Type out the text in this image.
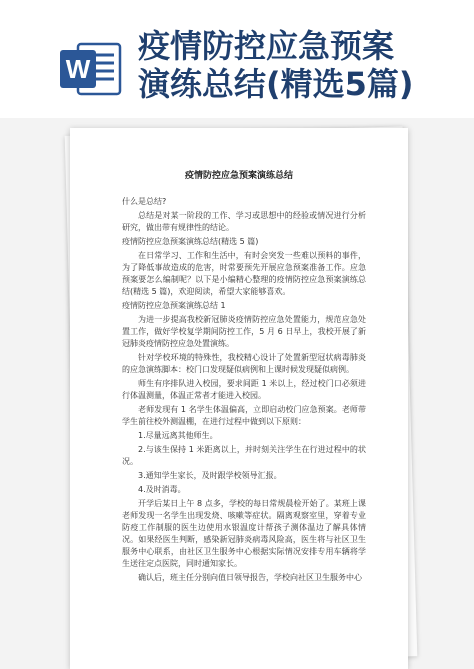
W
疫情防控应急预案
演练总结(精选5篇)
疫情防控应急预案演练总结

什么是总结?

总结是对某一阶段的工作、学习或思想中的经验或情况进行分析研究，做出带有规律性的结论。

疫情防控应急预案演练总结(精选 5 篇)

在日常学习、工作和生活中，有时会突发一些难以预料的事件，为了降低事故造成的危害，时常要预先开展应急预案准备工作。应急预案要怎么编制呢？以下是小编精心整理的疫情防控应急预案演练总结(精选 5 篇)，欢迎阅读，希望大家能够喜欢。

疫情防控应急预案演练总结 1

为进一步提高我校新冠肺炎疫情防控应急处置能力，规范应急处置工作，做好学校复学期间防控工作，5 月 6 日早上，我校开展了新冠肺炎疫情防控应急处置演练。

针对学校环境的特殊性，我校精心设计了处置新型冠状病毒肺炎的应急演练脚本：校门口发现疑似病例和上课时候发现疑似病例。

师生有序排队进入校园，要求间距 1 米以上，经过校门口必须进行体温测量，体温正常者才能进入校园。

老师发现有 1 名学生体温偏高，立即启动校门应急预案。老师带学生前往校外测温棚，在进行过程中做到以下原则：

1.尽量远离其他师生。

2.与该生保持 1 米距离以上，并时刻关注学生在行进过程中的状况。

3.通知学生家长，及时跟学校领导汇报。

4.及时消毒。

开学后某日上午 8 点多，学校的每日常规晨检开始了。某班上课老师发现一名学生出现发烧、咳嗽等症状。隔离观察室里，穿着专业防疫工作制服的医生边使用水银温度计帮孩子测体温边了解具体情况。如果经医生判断，感染新冠肺炎病毒风险高，医生将与社区卫生服务中心联系，由社区卫生服务中心根据实际情况安排专用车辆将学生送往定点医院，同时通知家长。

确认后，班主任分别向值日领导报告，学校向社区卫生服务中心
